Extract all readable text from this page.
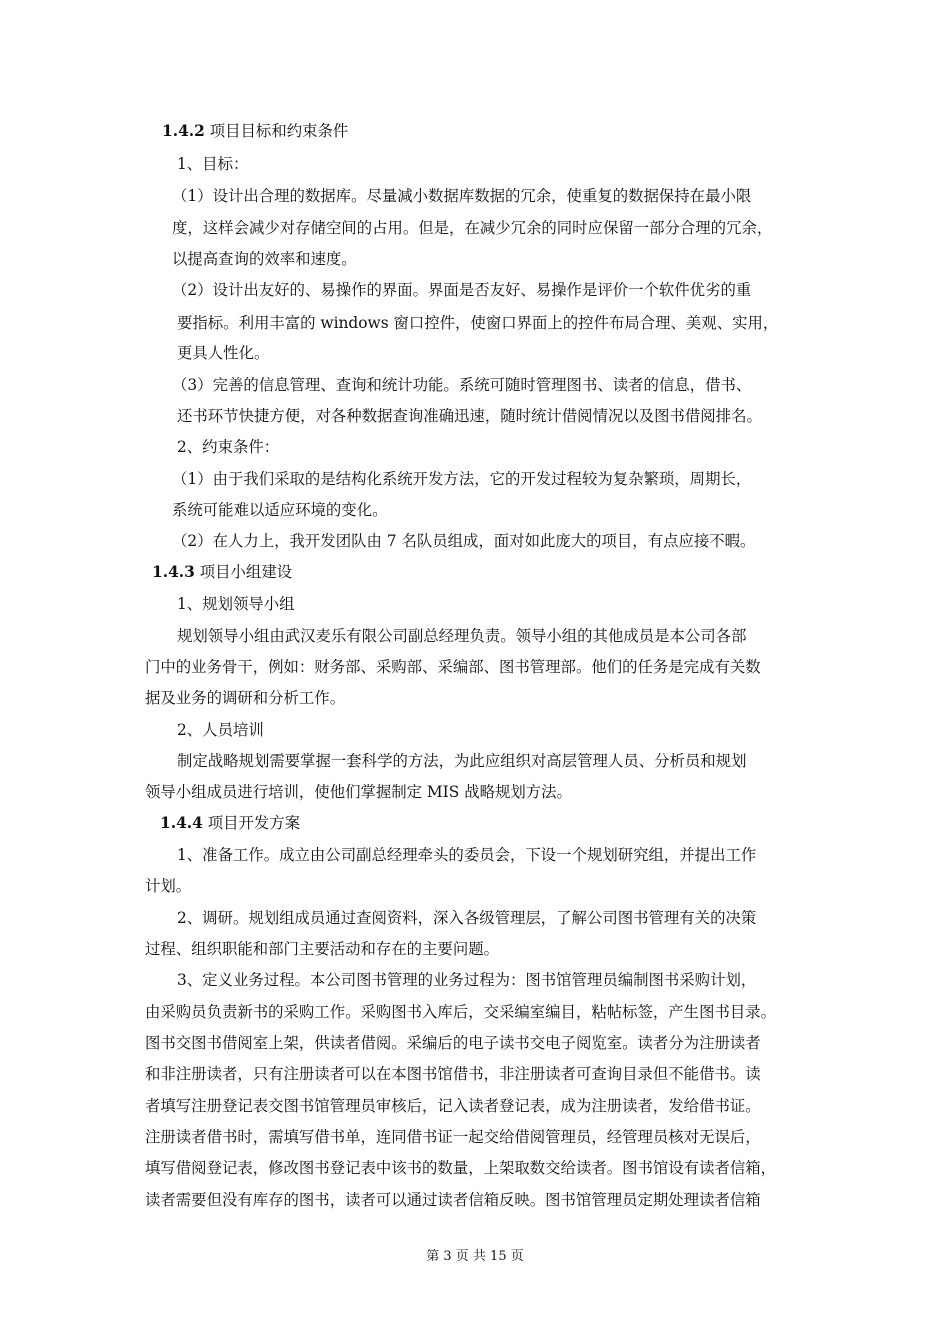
1.4.2 项目目标和约束条件
1、目标：
（1）设计出合理的数据库。尽量减小数据库数据的冗余，使重复的数据保持在最小限
度，这样会减少对存储空间的占用。但是，在减少冗余的同时应保留一部分合理的冗余，
以提高查询的效率和速度。
（2）设计出友好的、易操作的界面。界面是否友好、易操作是评价一个软件优劣的重
要指标。利用丰富的 windows 窗口控件，使窗口界面上的控件布局合理、美观、实用，
更具人性化。
（3）完善的信息管理、查询和统计功能。系统可随时管理图书、读者的信息，借书、
还书环节快捷方便，对各种数据查询准确迅速，随时统计借阅情况以及图书借阅排名。
2、约束条件：
（1）由于我们采取的是结构化系统开发方法，它的开发过程较为复杂繁琐，周期长，
系统可能难以适应环境的变化。
（2）在人力上，我开发团队由 7 名队员组成，面对如此庞大的项目，有点应接不暇。
1.4.3 项目小组建设
1、规划领导小组
规划领导小组由武汉麦乐有限公司副总经理负责。领导小组的其他成员是本公司各部
门中的业务骨干，例如：财务部、采购部、采编部、图书管理部。他们的任务是完成有关数
据及业务的调研和分析工作。
2、人员培训
制定战略规划需要掌握一套科学的方法，为此应组织对高层管理人员、分析员和规划
领导小组成员进行培训，使他们掌握制定 MIS 战略规划方法。
1.4.4 项目开发方案
1、准备工作。成立由公司副总经理牵头的委员会，下设一个规划研究组，并提出工作
计划。
2、调研。规划组成员通过查阅资料，深入各级管理层，了解公司图书管理有关的决策
过程、组织职能和部门主要活动和存在的主要问题。
3、定义业务过程。本公司图书管理的业务过程为：图书馆管理员编制图书采购计划，
由采购员负责新书的采购工作。采购图书入库后，交采编室编目，粘帖标签，产生图书目录。
图书交图书借阅室上架，供读者借阅。采编后的电子读书交电子阅览室。读者分为注册读者
和非注册读者，只有注册读者可以在本图书馆借书，非注册读者可查询目录但不能借书。读
者填写注册登记表交图书馆管理员审核后，记入读者登记表，成为注册读者，发给借书证。
注册读者借书时，需填写借书单，连同借书证一起交给借阅管理员，经管理员核对无误后，
填写借阅登记表，修改图书登记表中该书的数量，上架取数交给读者。图书馆设有读者信箱，
读者需要但没有库存的图书，读者可以通过读者信箱反映。图书馆管理员定期处理读者信箱
第 3 页 共 15 页
